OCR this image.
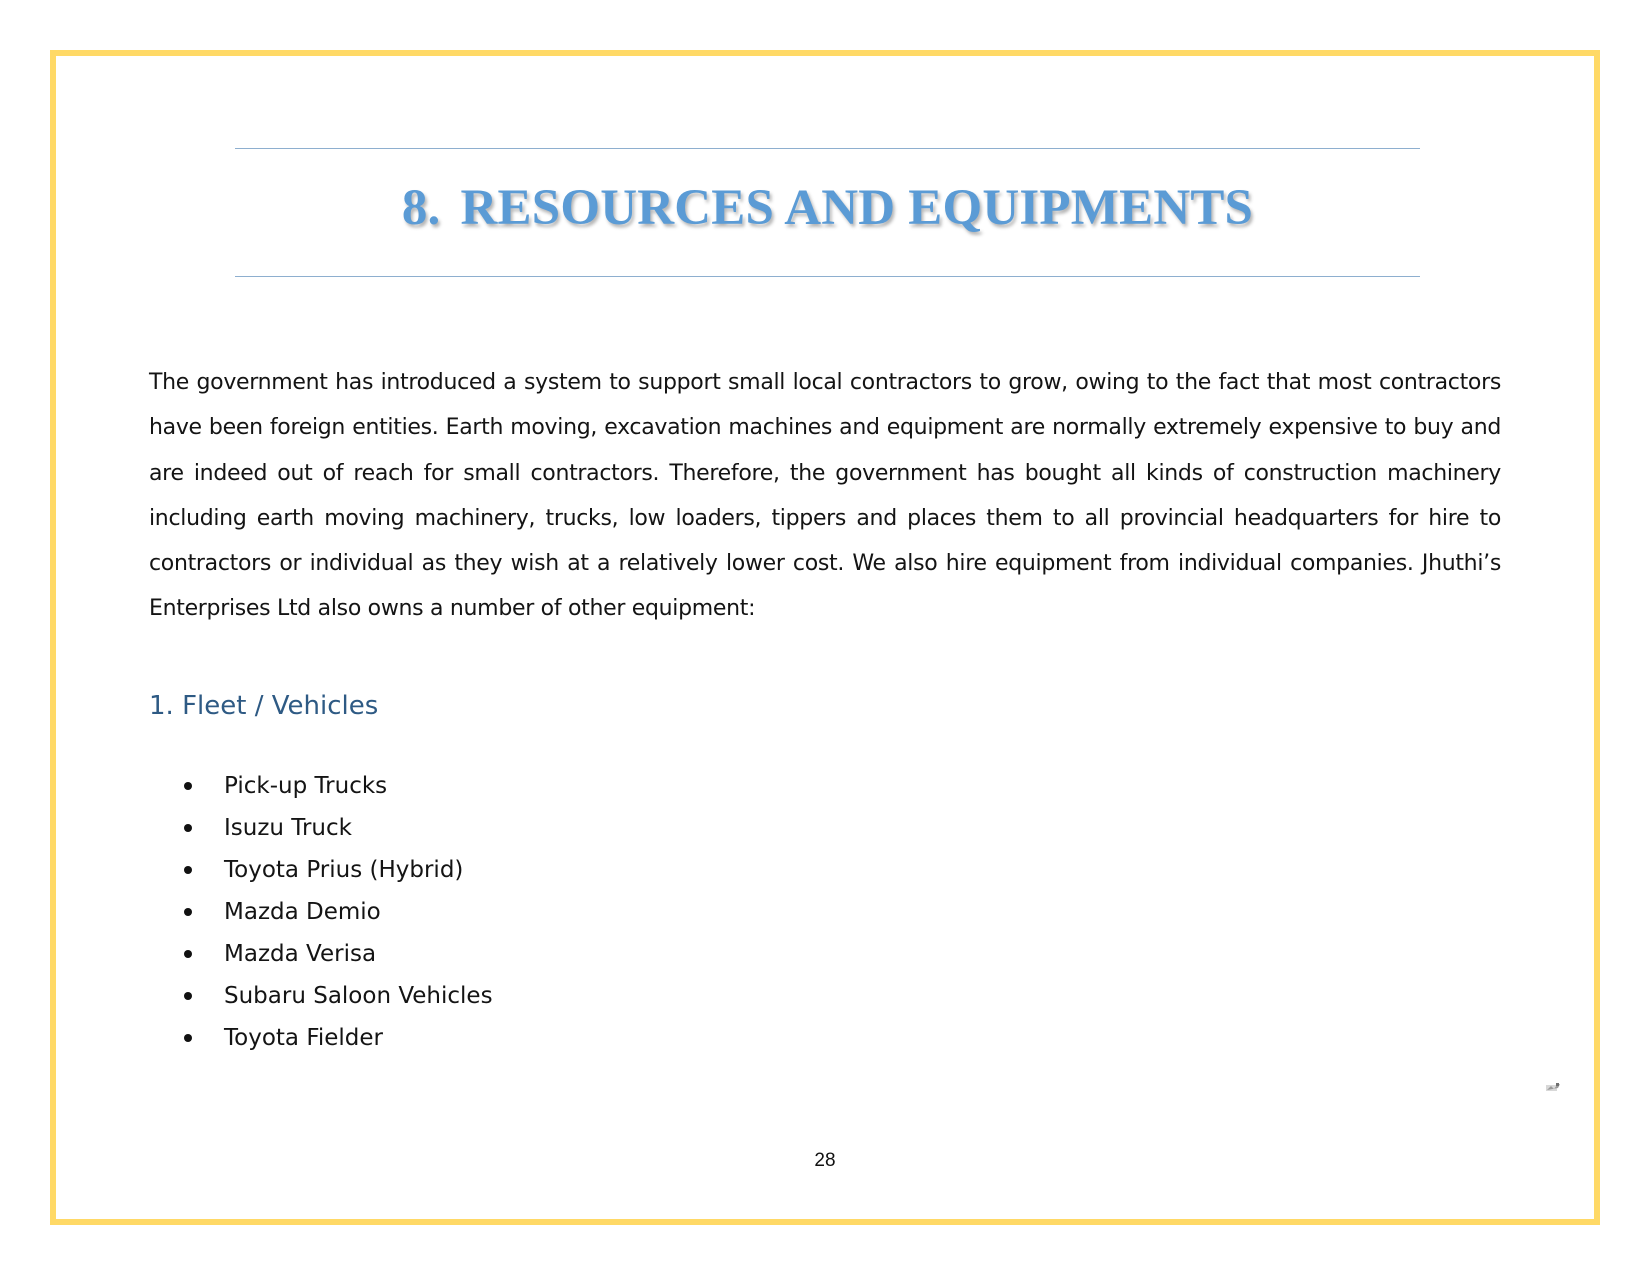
8. RESOURCES AND EQUIPMENTS

The government has introduced a system to support small local contractors to grow, owing to the fact that most contractors have been foreign entities. Earth moving, excavation machines and equipment are normally extremely expensive to buy and are indeed out of reach for small contractors. Therefore, the government has bought all kinds of construction machinery including earth moving machinery, trucks, low loaders, tippers and places them to all provincial headquarters for hire to contractors or individual as they wish at a relatively lower cost. We also hire equipment from individual companies. Jhuthi’s Enterprises Ltd also owns a number of other equipment:

1. Fleet / Vehicles
Pick-up Trucks
Isuzu Truck
Toyota Prius (Hybrid)
Mazda Demio
Mazda Verisa
Subaru Saloon Vehicles
Toyota Fielder
28
